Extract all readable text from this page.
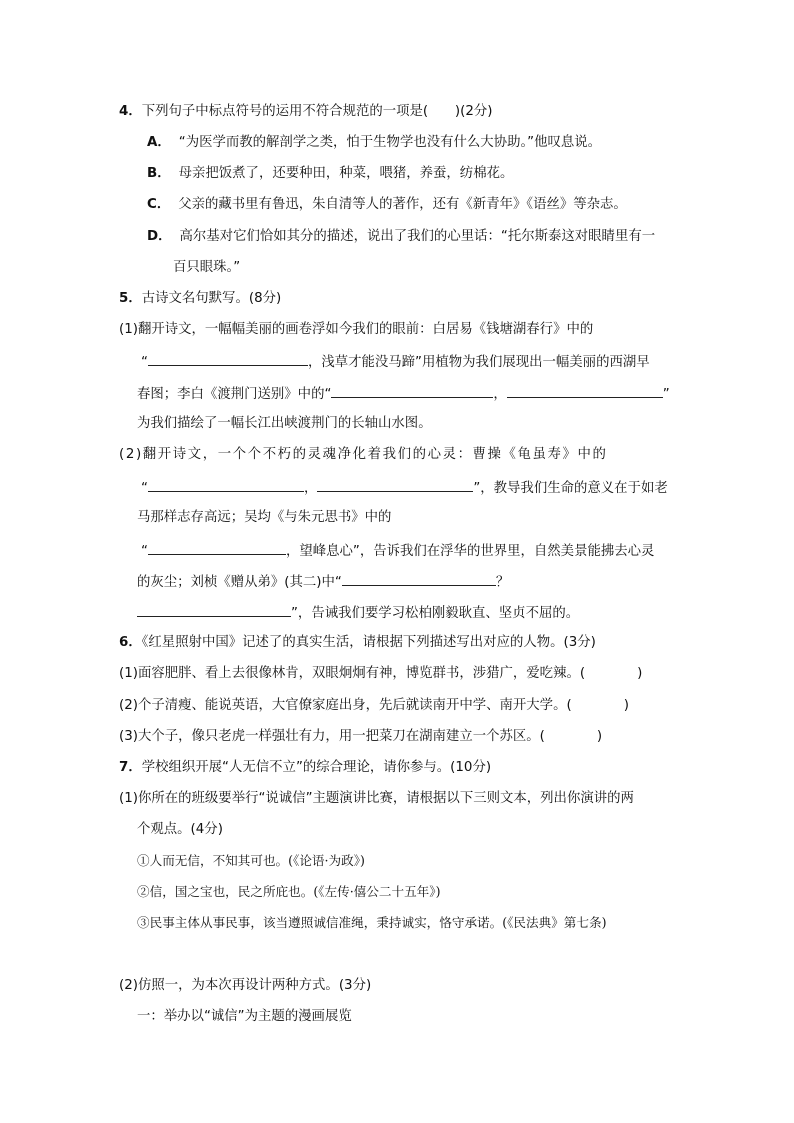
4．下列句子中标点符号的运用不符合规范的一项是(　　)(2分)
A． “为医学而教的解剖学之类，怕于生物学也没有什么大协助。”他叹息说。
B． 母亲把饭煮了，还要种田，种菜，喂猪，养蚕，纺棉花。
C． 父亲的藏书里有鲁迅，朱自清等人的著作，还有《新青年》《语丝》等杂志。
D． 高尔基对它们恰如其分的描述，说出了我们的心里话：“托尔斯泰这对眼睛里有一
百只眼珠。”
5．古诗文名句默写。(8分)
(1)翻开诗文，一幅幅美丽的画卷浮如今我们的眼前：白居易《钱塘湖春行》中的
“	，浅草才能没马蹄”用植物为我们展现出一幅美丽的西湖早
春图；李白《渡荆门送别》中的“	，	”
为我们描绘了一幅长江出峡渡荆门的长轴山水图。
(2)翻开诗文，一个个不朽的灵魂净化着我们的心灵：曹操《龟虽寿》中的
“	，	”，教导我们生命的意义在于如老
马那样志存高远；吴均《与朱元思书》中的
“	，望峰息心”，告诉我们在浮华的世界里，自然美景能拂去心灵
的灰尘；刘桢《赠从弟》(其二)中“	？
”，告诫我们要学习松柏刚毅耿直、坚贞不屈的。
6．《红星照射中国》记述了的真实生活，请根据下列描述写出对应的人物。(3分)
(1)面容肥胖、看上去很像林肯，双眼炯炯有神，博览群书，涉猎广，爱吃辣。(	)
(2)个子清瘦、能说英语，大官僚家庭出身，先后就读南开中学、南开大学。(	)
(3)大个子，像只老虎一样强壮有力，用一把菜刀在湖南建立一个苏区。(	)
7．学校组织开展“人无信不立”的综合理论，请你参与。(10分)
(1)你所在的班级要举行“说诚信”主题演讲比赛，请根据以下三则文本，列出你演讲的两
个观点。(4分)
①人而无信，不知其可也。(《论语·为政》)
②信，国之宝也，民之所庇也。(《左传·僖公二十五年》)
③民事主体从事民事，该当遵照诚信准绳，秉持诚实，恪守承诺。(《民法典》第七条)
(2)仿照一，为本次再设计两种方式。(3分)
一：举办以“诚信”为主题的漫画展览
